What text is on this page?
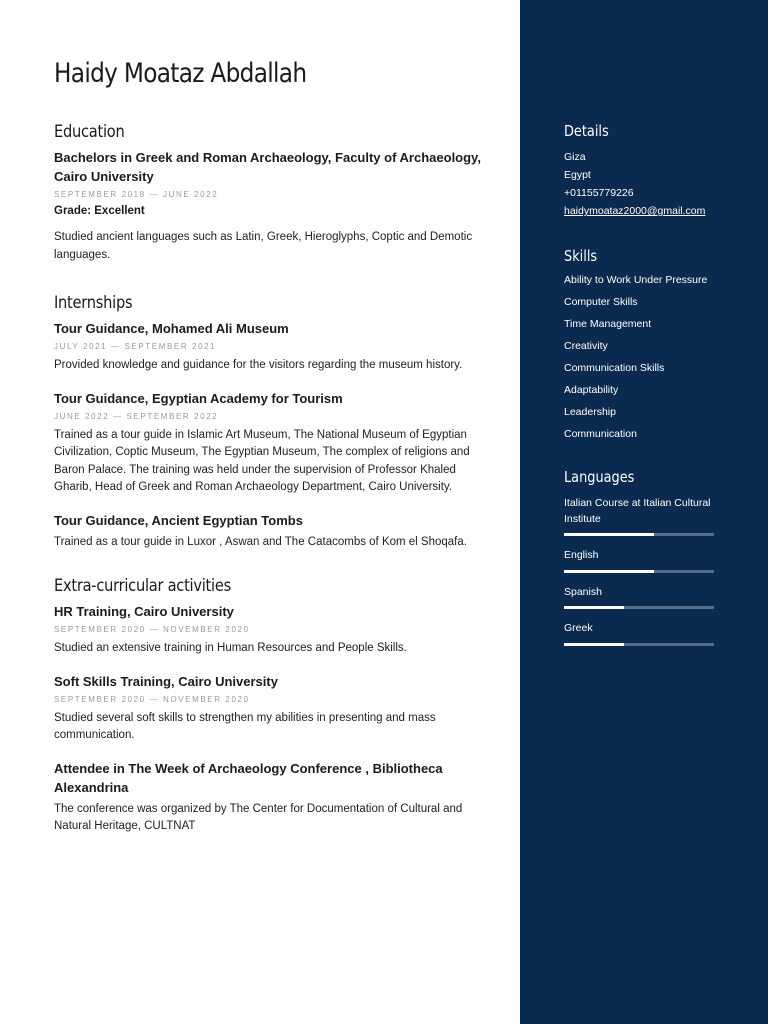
Haidy Moataz Abdallah
Education

Bachelors in Greek and Roman Archaeology, Faculty of Archaeology, Cairo University

SEPTEMBER 2018 — JUNE 2022

Grade: Excellent

Studied ancient languages such as Latin, Greek, Hieroglyphs, Coptic and Demotic languages.

Internships

Tour Guidance, Mohamed Ali Museum

JULY 2021 — SEPTEMBER 2021

Provided knowledge and guidance for the visitors regarding the museum history.

Tour Guidance, Egyptian Academy for Tourism

JUNE 2022 — SEPTEMBER 2022

Trained as a tour guide in Islamic Art Museum, The National Museum of Egyptian Civilization, Coptic Museum, The Egyptian Museum, The complex of religions and Baron Palace. The training was held under the supervision of Professor Khaled Gharib, Head of Greek and Roman Archaeology Department, Cairo University.

Tour Guidance, Ancient Egyptian Tombs

Trained as a tour guide in Luxor , Aswan and The Catacombs of Kom el Shoqafa.

Extra-curricular activities

HR Training, Cairo University

SEPTEMBER 2020 — NOVEMBER 2020

Studied an extensive training in Human Resources and People Skills.

Soft Skills Training, Cairo University

SEPTEMBER 2020 — NOVEMBER 2020

Studied several soft skills to strengthen my abilities in presenting and mass communication.

Attendee in The Week of Archaeology Conference , Bibliotheca Alexandrina

The conference was organized by The Center for Documentation of Cultural and Natural Heritage, CULTNAT

Details

Giza

Egypt

+01155779226

haidymoataz2000@gmail.com

Skills

Ability to Work Under Pressure

Computer Skills

Time Management

Creativity

Communication Skills

Adaptability

Leadership

Communication

Languages
Italian Course at Italian Cultural Institute
English
Spanish
Greek
